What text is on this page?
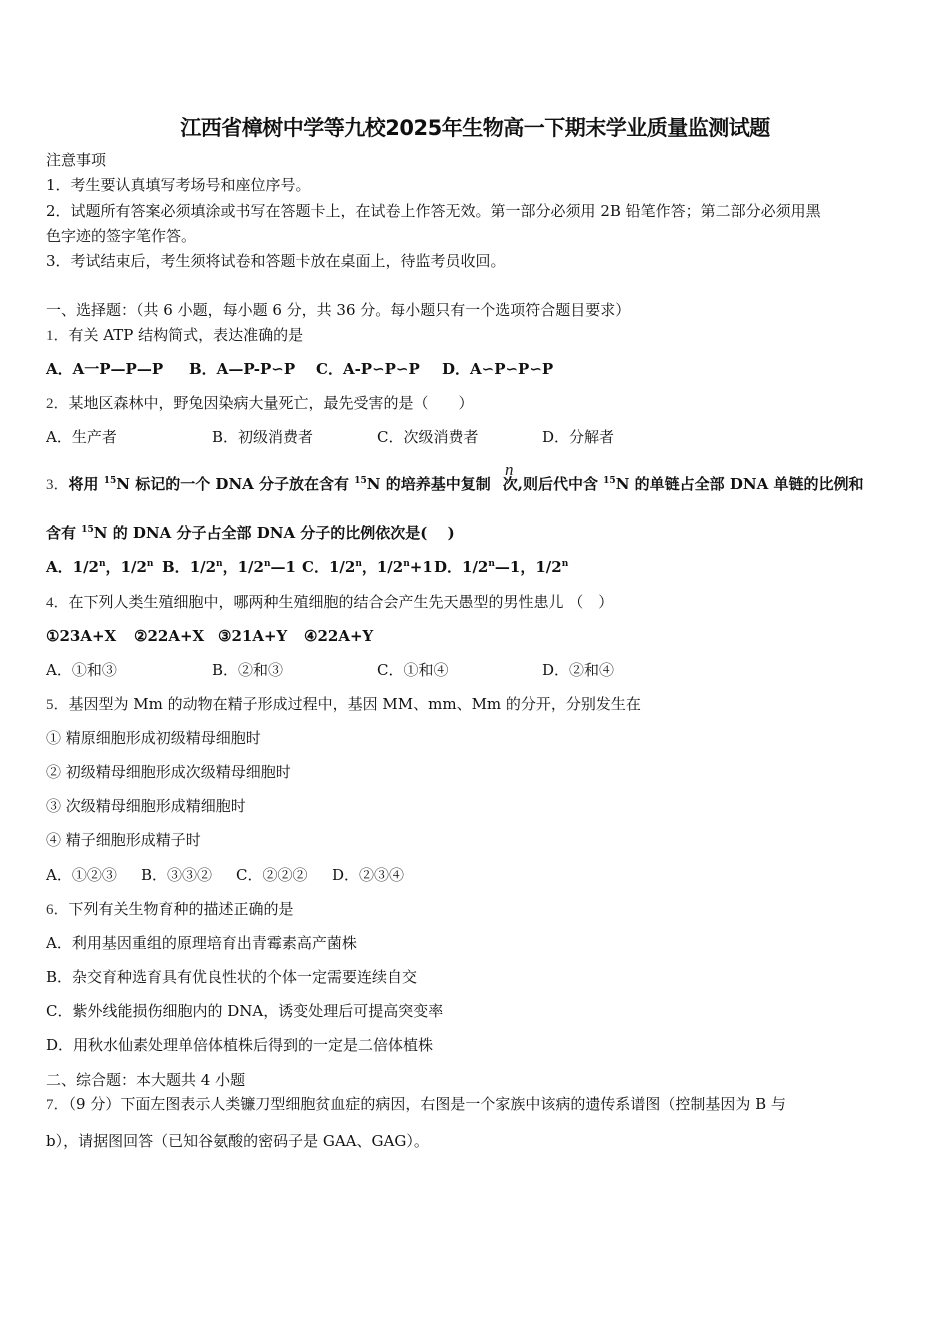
江西省樟树中学等九校2025年生物高一下期末学业质量监测试题
注意事项
1．考生要认真填写考场号和座位序号。
2．试题所有答案必须填涂或书写在答题卡上，在试卷上作答无效。第一部分必须用 2B 铅笔作答；第二部分必须用黑
色字迹的签字笔作答。
3．考试结束后，考生须将试卷和答题卡放在桌面上，待监考员收回。
一、选择题：（共 6 小题，每小题 6 分，共 36 分。每小题只有一个选项符合题目要求）
1．有关 ATP 结构简式，表达准确的是
A．A一P—P—P B．A—P-P∽P C．A-P∽P∽P D．A∽P∽P∽P
2．某地区森林中，野兔因染病大量死亡，最先受害的是（　　）
A．生产者	B．初级消费者	C．次级消费者	D．分解者
n
3．将用 $^{15}$N 标记的一个 DNA 分子放在含有 $^{15}$N 的培养基中复制 次,则后代中含 $^{15}$N 的单链占全部 DNA 单链的比例和
含有 $^{15}$N 的 DNA 分子占全部 DNA 分子的比例依次是(　 )
A．1/2$^n$，1/2$^n$ B．1/2$^n$，1/2$^n$—1 C．1/2$^n$，$1/2^n+1$ D．1/2$^n$—1，1/2$^n$
4．在下列人类生殖细胞中，哪两种生殖细胞的结合会产生先天愚型的男性患儿 （　）
①23A+X ②22A+X ③21A+Y ④22A+Y
A．①和③	B．②和③	C．①和④	D．②和④
5．基因型为 Mm 的动物在精子形成过程中，基因 MM、mm、Mm 的分开，分别发生在
① 精原细胞形成初级精母细胞时
② 初级精母细胞形成次级精母细胞时
③ 次级精母细胞形成精细胞时
④ 精子细胞形成精子时
A．①②③ B．③③② C．②②② D．②③④
6．下列有关生物育种的描述正确的是
A．利用基因重组的原理培育出青霉素高产菌株
B．杂交育种选育具有优良性状的个体一定需要连续自交
C．紫外线能损伤细胞内的 DNA，诱变处理后可提高突变率
D．用秋水仙素处理单倍体植株后得到的一定是二倍体植株
二、综合题：本大题共 4 小题
7．（9 分）下面左图表示人类镰刀型细胞贫血症的病因，右图是一个家族中该病的遗传系谱图（控制基因为 B 与
b），请据图回答（已知谷氨酸的密码子是 GAA、GAG）。
